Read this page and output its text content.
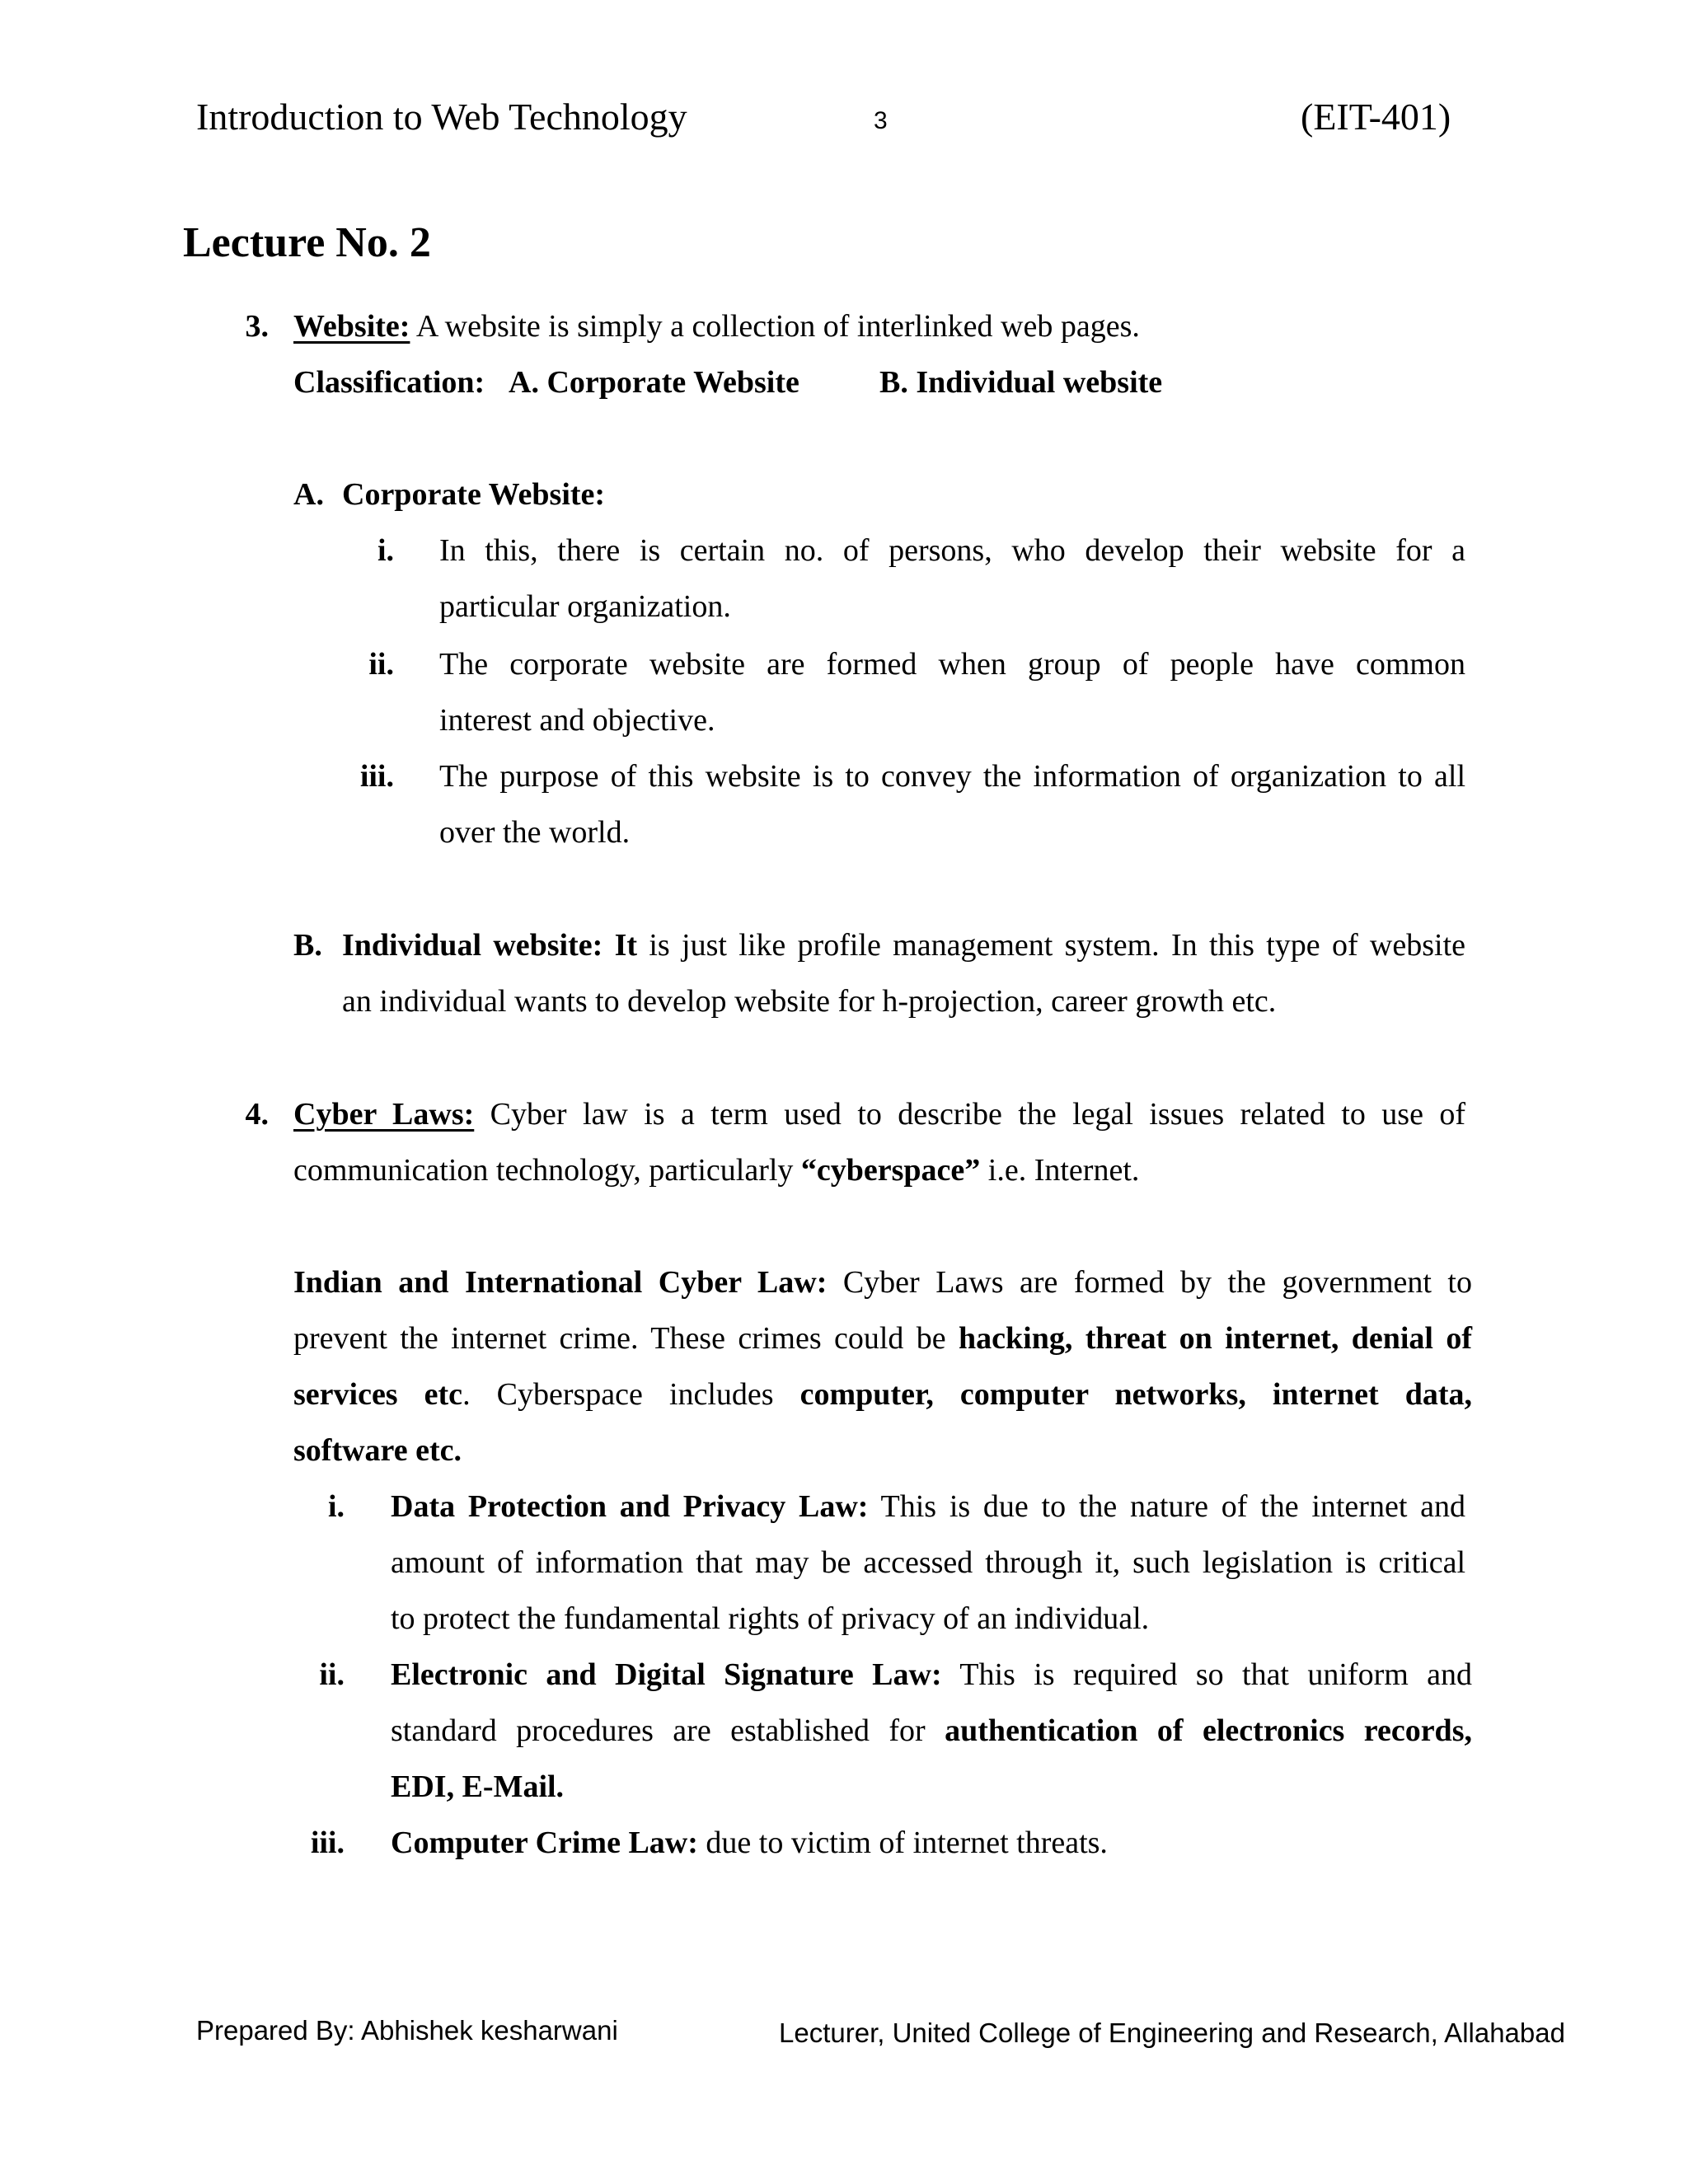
Introduction to Web Technology	3	(EIT-401)
Lecture No. 2
3. Website: A website is simply a collection of interlinked web pages.
Classification: A. Corporate Website	B. Individual website
A. Corporate Website:
i. In this, there is certain no. of persons, who develop their website for a
particular organization.
ii. The corporate website are formed when group of people have common
interest and objective.
iii. The purpose of this website is to convey the information of organization to all
over the world.
B. Individual website: It is just like profile management system. In this type of website
an individual wants to develop website for h-projection, career growth etc.
4. Cyber Laws: Cyber law is a term used to describe the legal issues related to use of
communication technology, particularly “cyberspace” i.e. Internet.
Indian and International Cyber Law: Cyber Laws are formed by the government to
prevent the internet crime. These crimes could be hacking, threat on internet, denial of
services etc. Cyberspace includes computer, computer networks, internet data,
software etc.
i. Data Protection and Privacy Law: This is due to the nature of the internet and
amount of information that may be accessed through it, such legislation is critical
to protect the fundamental rights of privacy of an individual.
ii. Electronic and Digital Signature Law: This is required so that uniform and
standard procedures are established for authentication of electronics records,
EDI, E-Mail.
iii. Computer Crime Law: due to victim of internet threats.
Prepared By: Abhishek kesharwani	Lecturer, United College of Engineering and Research, Allahabad
